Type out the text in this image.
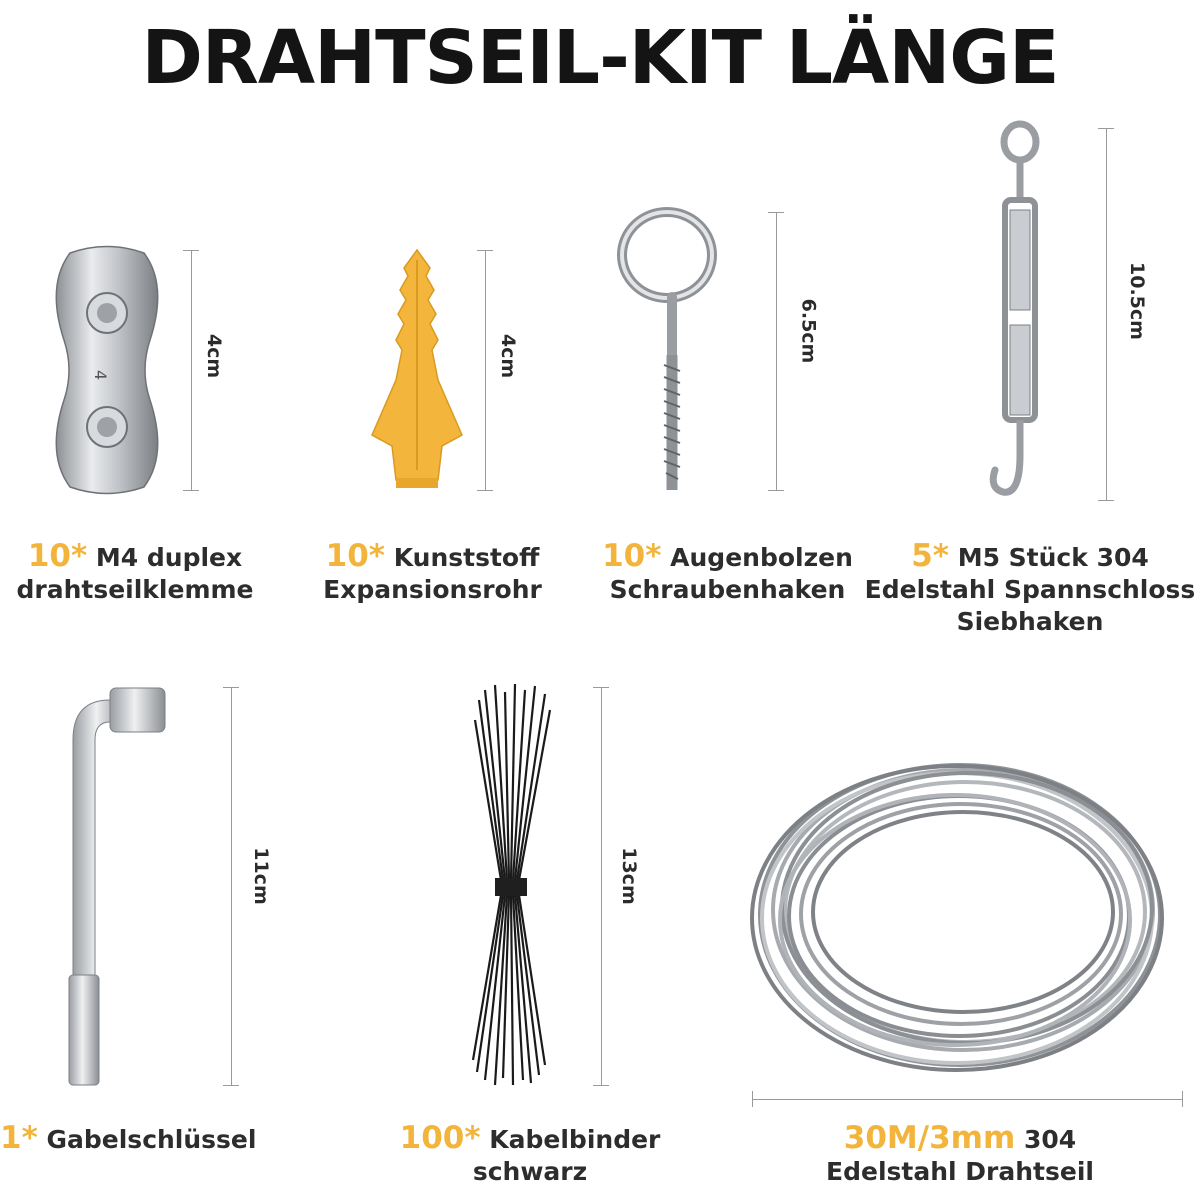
DRAHTSEIL-KIT LÄNGE
4	4cm
10* M4 duplex
drahtseilklemme
4cm
10* Kunststoff
Expansionsrohr
6.5cm
10* Augenbolzen
Schraubenhaken
10.5cm
5* M5 Stück 304
Edelstahl Spannschloss
Siebhaken
11cm
1* Gabelschlüssel
13cm
100* Kabelbinder
schwarz
30M/3mm 304
Edelstahl Drahtseil
